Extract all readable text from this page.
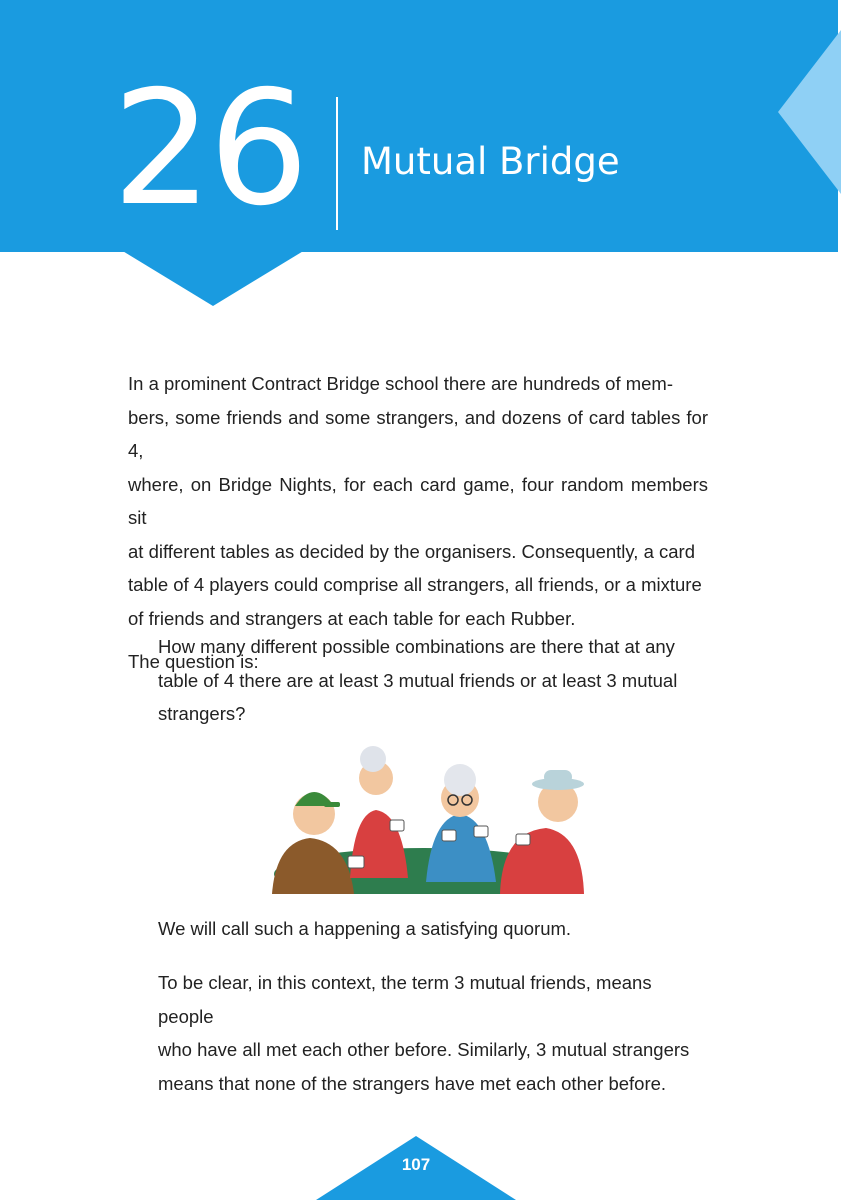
26 Mutual Bridge
In a prominent Contract Bridge school there are hundreds of mem-
bers, some friends and some strangers, and dozens of card tables for 4,
where, on Bridge Nights, for each card game, four random members sit
at different tables as decided by the organisers. Consequently, a card
table of 4 players could comprise all strangers, all friends, or a mixture
of friends and strangers at each table for each Rubber.
The question is:
How many different possible combinations are there that at any
table of 4 there are at least 3 mutual friends or at least 3 mutual
strangers?
We will call such a happening a satisfying quorum.
To be clear, in this context, the term 3 mutual friends, means people
who have all met each other before. Similarly, 3 mutual strangers
means that none of the strangers have met each other before.
107
